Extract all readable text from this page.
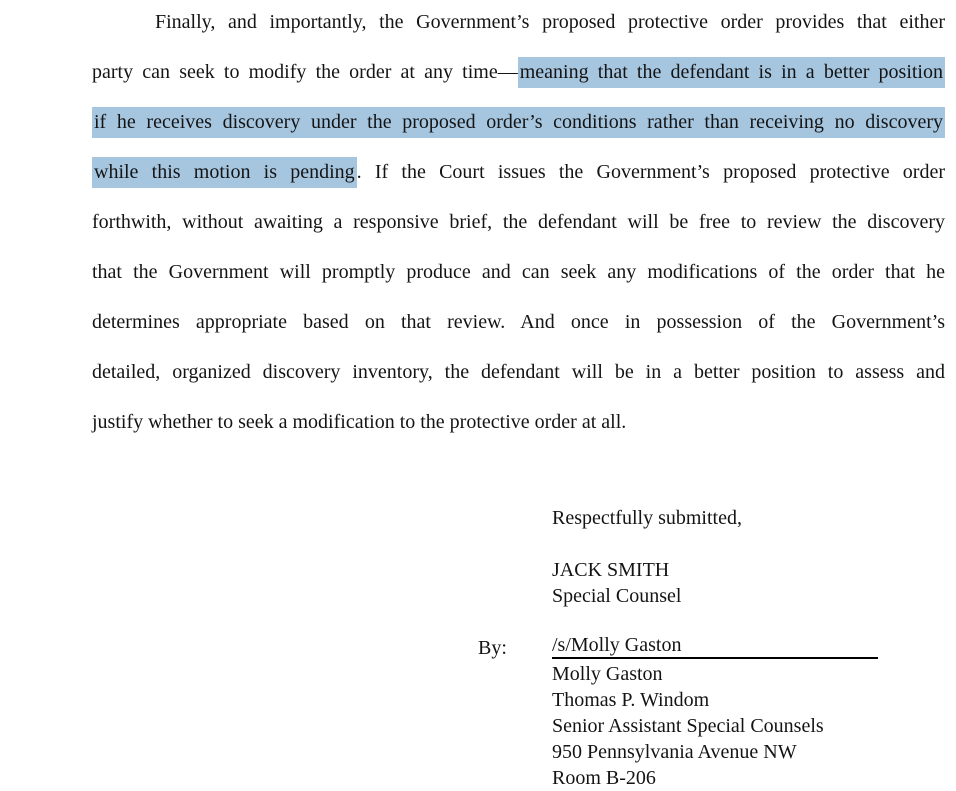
Finally, and importantly, the Government’s proposed protective order provides that either
party can seek to modify the order at any time— meaning that the defendant is in a better position
if he receives discovery under the proposed order’s conditions rather than receiving no discovery
while this motion is pending . If the Court issues the Government’s proposed protective order
forthwith, without awaiting a responsive brief, the defendant will be free to review the discovery
that the Government will promptly produce and can seek any modifications of the order that he
determines appropriate based on that review. And once in possession of the Government’s
detailed, organized discovery inventory, the defendant will be in a better position to assess and
justify whether to seek a modification to the protective order at all.
Respectfully submitted,
JACK SMITH
Special Counsel
By: /s/Molly Gaston
Molly Gaston
Thomas P. Windom
Senior Assistant Special Counsels
950 Pennsylvania Avenue NW
Room B-206
